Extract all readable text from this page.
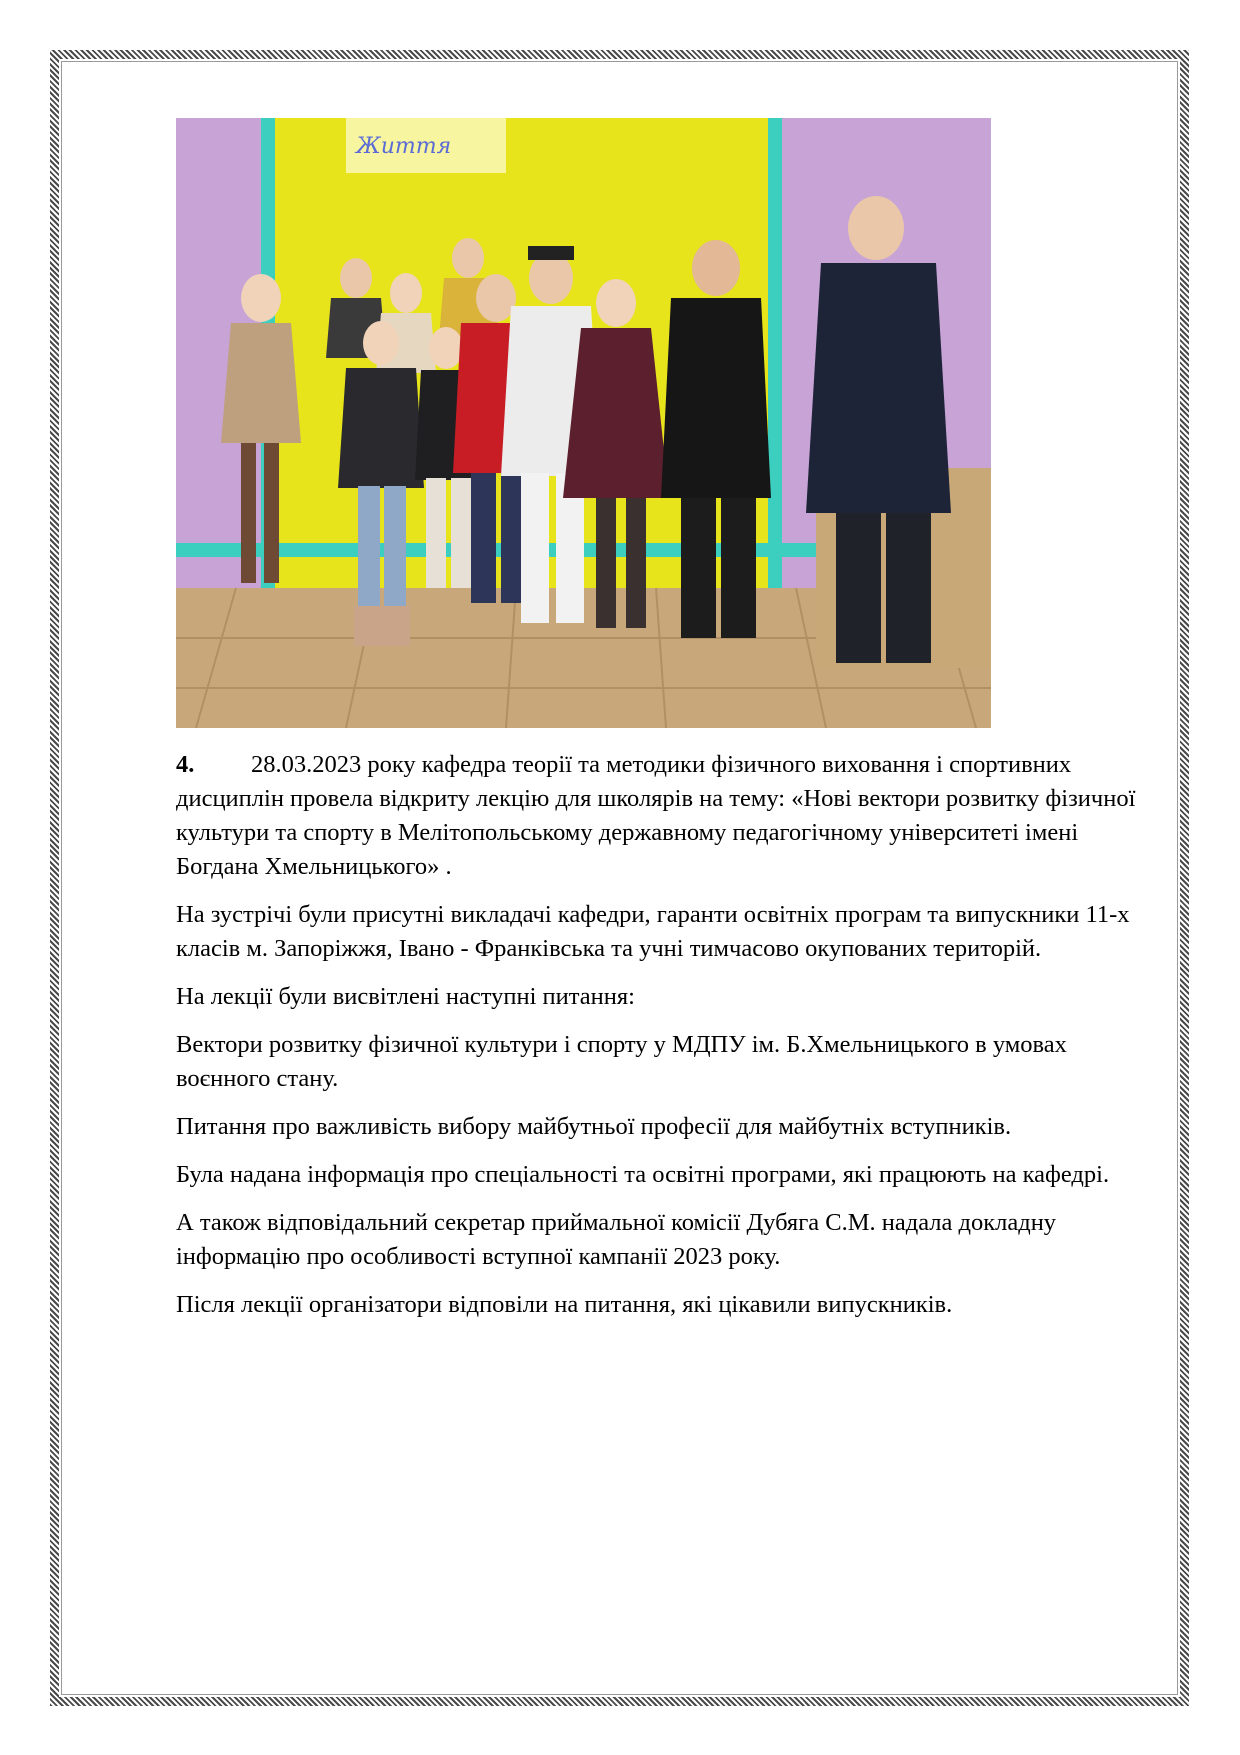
Життя

4. 28.03.2023 року кафедра теорії та методики фізичного виховання і спортивних дисциплін провела відкриту лекцію для школярів на тему: «Нові вектори розвитку фізичної культури та спорту в Мелітопольському державному педагогічному університеті імені Богдана Хмельницького» .

На зустрічі були присутні викладачі кафедри, гаранти освітніх програм та випускники 11-х класів м. Запоріжжя, Івано - Франківська та учні тимчасово окупованих територій.

На лекції були висвітлені наступні питання:

Вектори розвитку фізичної культури і спорту у МДПУ ім. Б.Хмельницького в умовах воєнного стану.

Питання про важливість вибору майбутньої професії для майбутніх вступників.

Була надана інформація про спеціальності та освітні програми, які працюють на кафедрі.

А також відповідальний секретар приймальної комісії Дубяга С.М. надала докладну інформацію про особливості вступної кампанії 2023 року.

Після лекції організатори відповіли на питання, які цікавили випускників.
